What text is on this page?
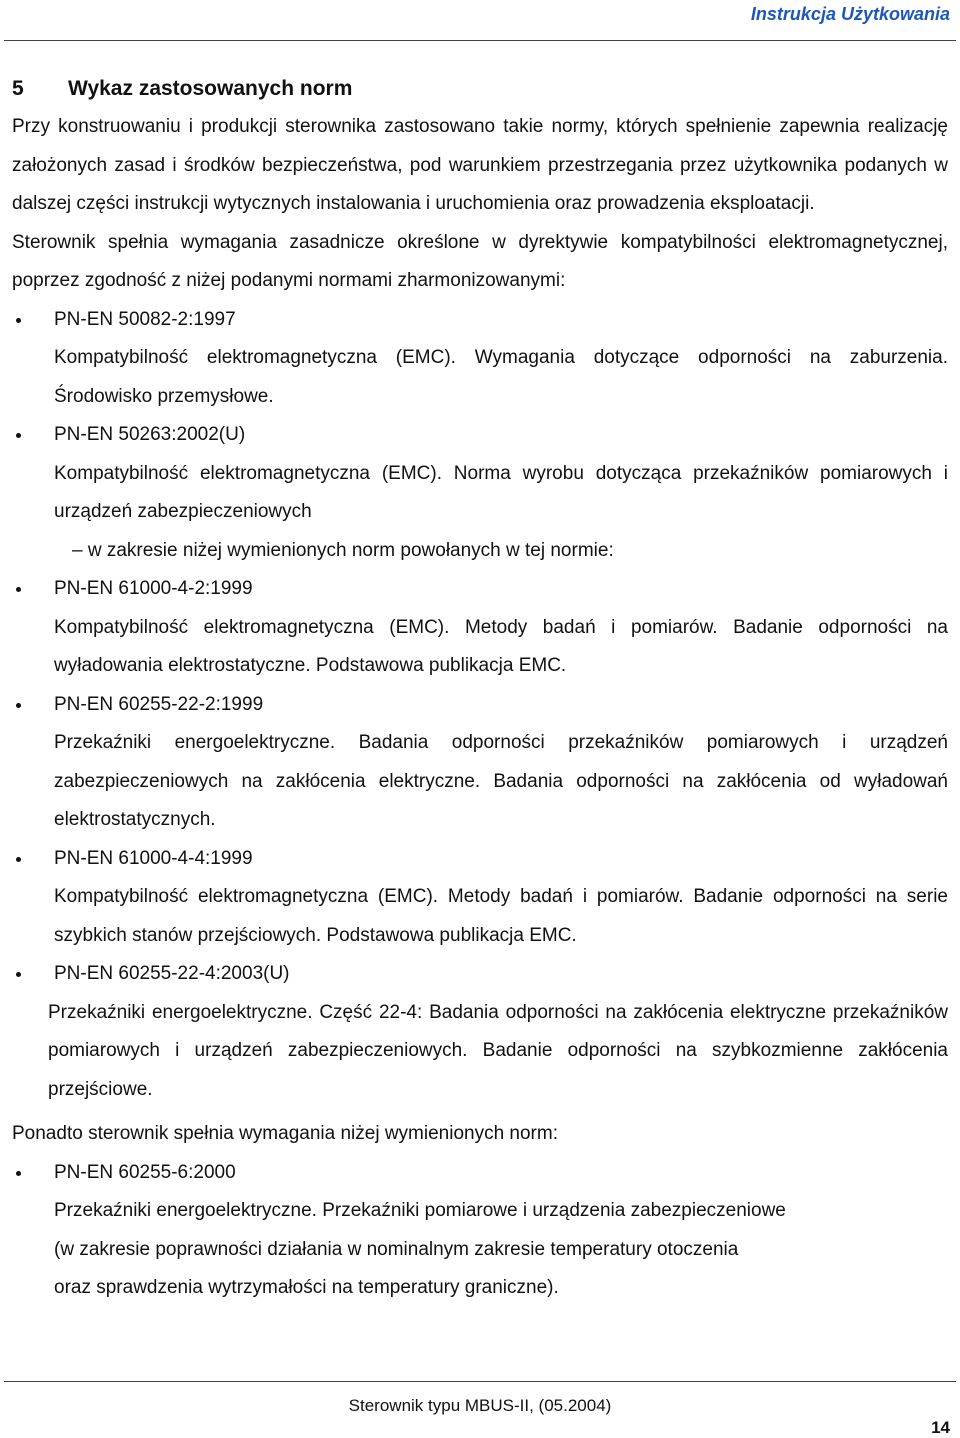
Instrukcja Użytkowania
5 Wykaz zastosowanych norm

Przy konstruowaniu i produkcji sterownika zastosowano takie normy, których spełnienie zapewnia realizację założonych zasad i środków bezpieczeństwa, pod warunkiem przestrzegania przez użytkownika podanych w dalszej części instrukcji wytycznych instalowania i uruchomienia oraz prowadzenia eksploatacji.

Sterownik spełnia wymagania zasadnicze określone w dyrektywie kompatybilności elektromagnetycznej, poprzez zgodność z niżej podanymi normami zharmonizowanymi:

PN-EN 50082-2:1997
Kompatybilność elektromagnetyczna (EMC). Wymagania dotyczące odporności na zaburzenia. Środowisko przemysłowe.
PN-EN 50263:2002(U)
Kompatybilność elektromagnetyczna (EMC). Norma wyrobu dotycząca przekaźników pomiarowych i urządzeń zabezpieczeniowych
– w zakresie niżej wymienionych norm powołanych w tej normie:
PN-EN 61000-4-2:1999
Kompatybilność elektromagnetyczna (EMC). Metody badań i pomiarów. Badanie odporności na wyładowania elektrostatyczne. Podstawowa publikacja EMC.
PN-EN 60255-22-2:1999
Przekaźniki energoelektryczne. Badania odporności przekaźników pomiarowych i urządzeń zabezpieczeniowych na zakłócenia elektryczne. Badania odporności na zakłócenia od wyładowań elektrostatycznych.
PN-EN 61000-4-4:1999
Kompatybilność elektromagnetyczna (EMC). Metody badań i pomiarów. Badanie odporności na serie szybkich stanów przejściowych. Podstawowa publikacja EMC.
PN-EN 60255-22-4:2003(U)
Przekaźniki energoelektryczne. Część 22-4: Badania odporności na zakłócenia elektryczne przekaźników pomiarowych i urządzeń zabezpieczeniowych. Badanie odporności na szybkozmienne zakłócenia przejściowe.

Ponadto sterownik spełnia wymagania niżej wymienionych norm:

PN-EN 60255-6:2000
Przekaźniki energoelektryczne. Przekaźniki pomiarowe i urządzenia zabezpieczeniowe
(w zakresie poprawności działania w nominalnym zakresie temperatury otoczenia
oraz sprawdzenia wytrzymałości na temperatury graniczne).
Sterownik typu MBUS-II, (05.2004)
14
